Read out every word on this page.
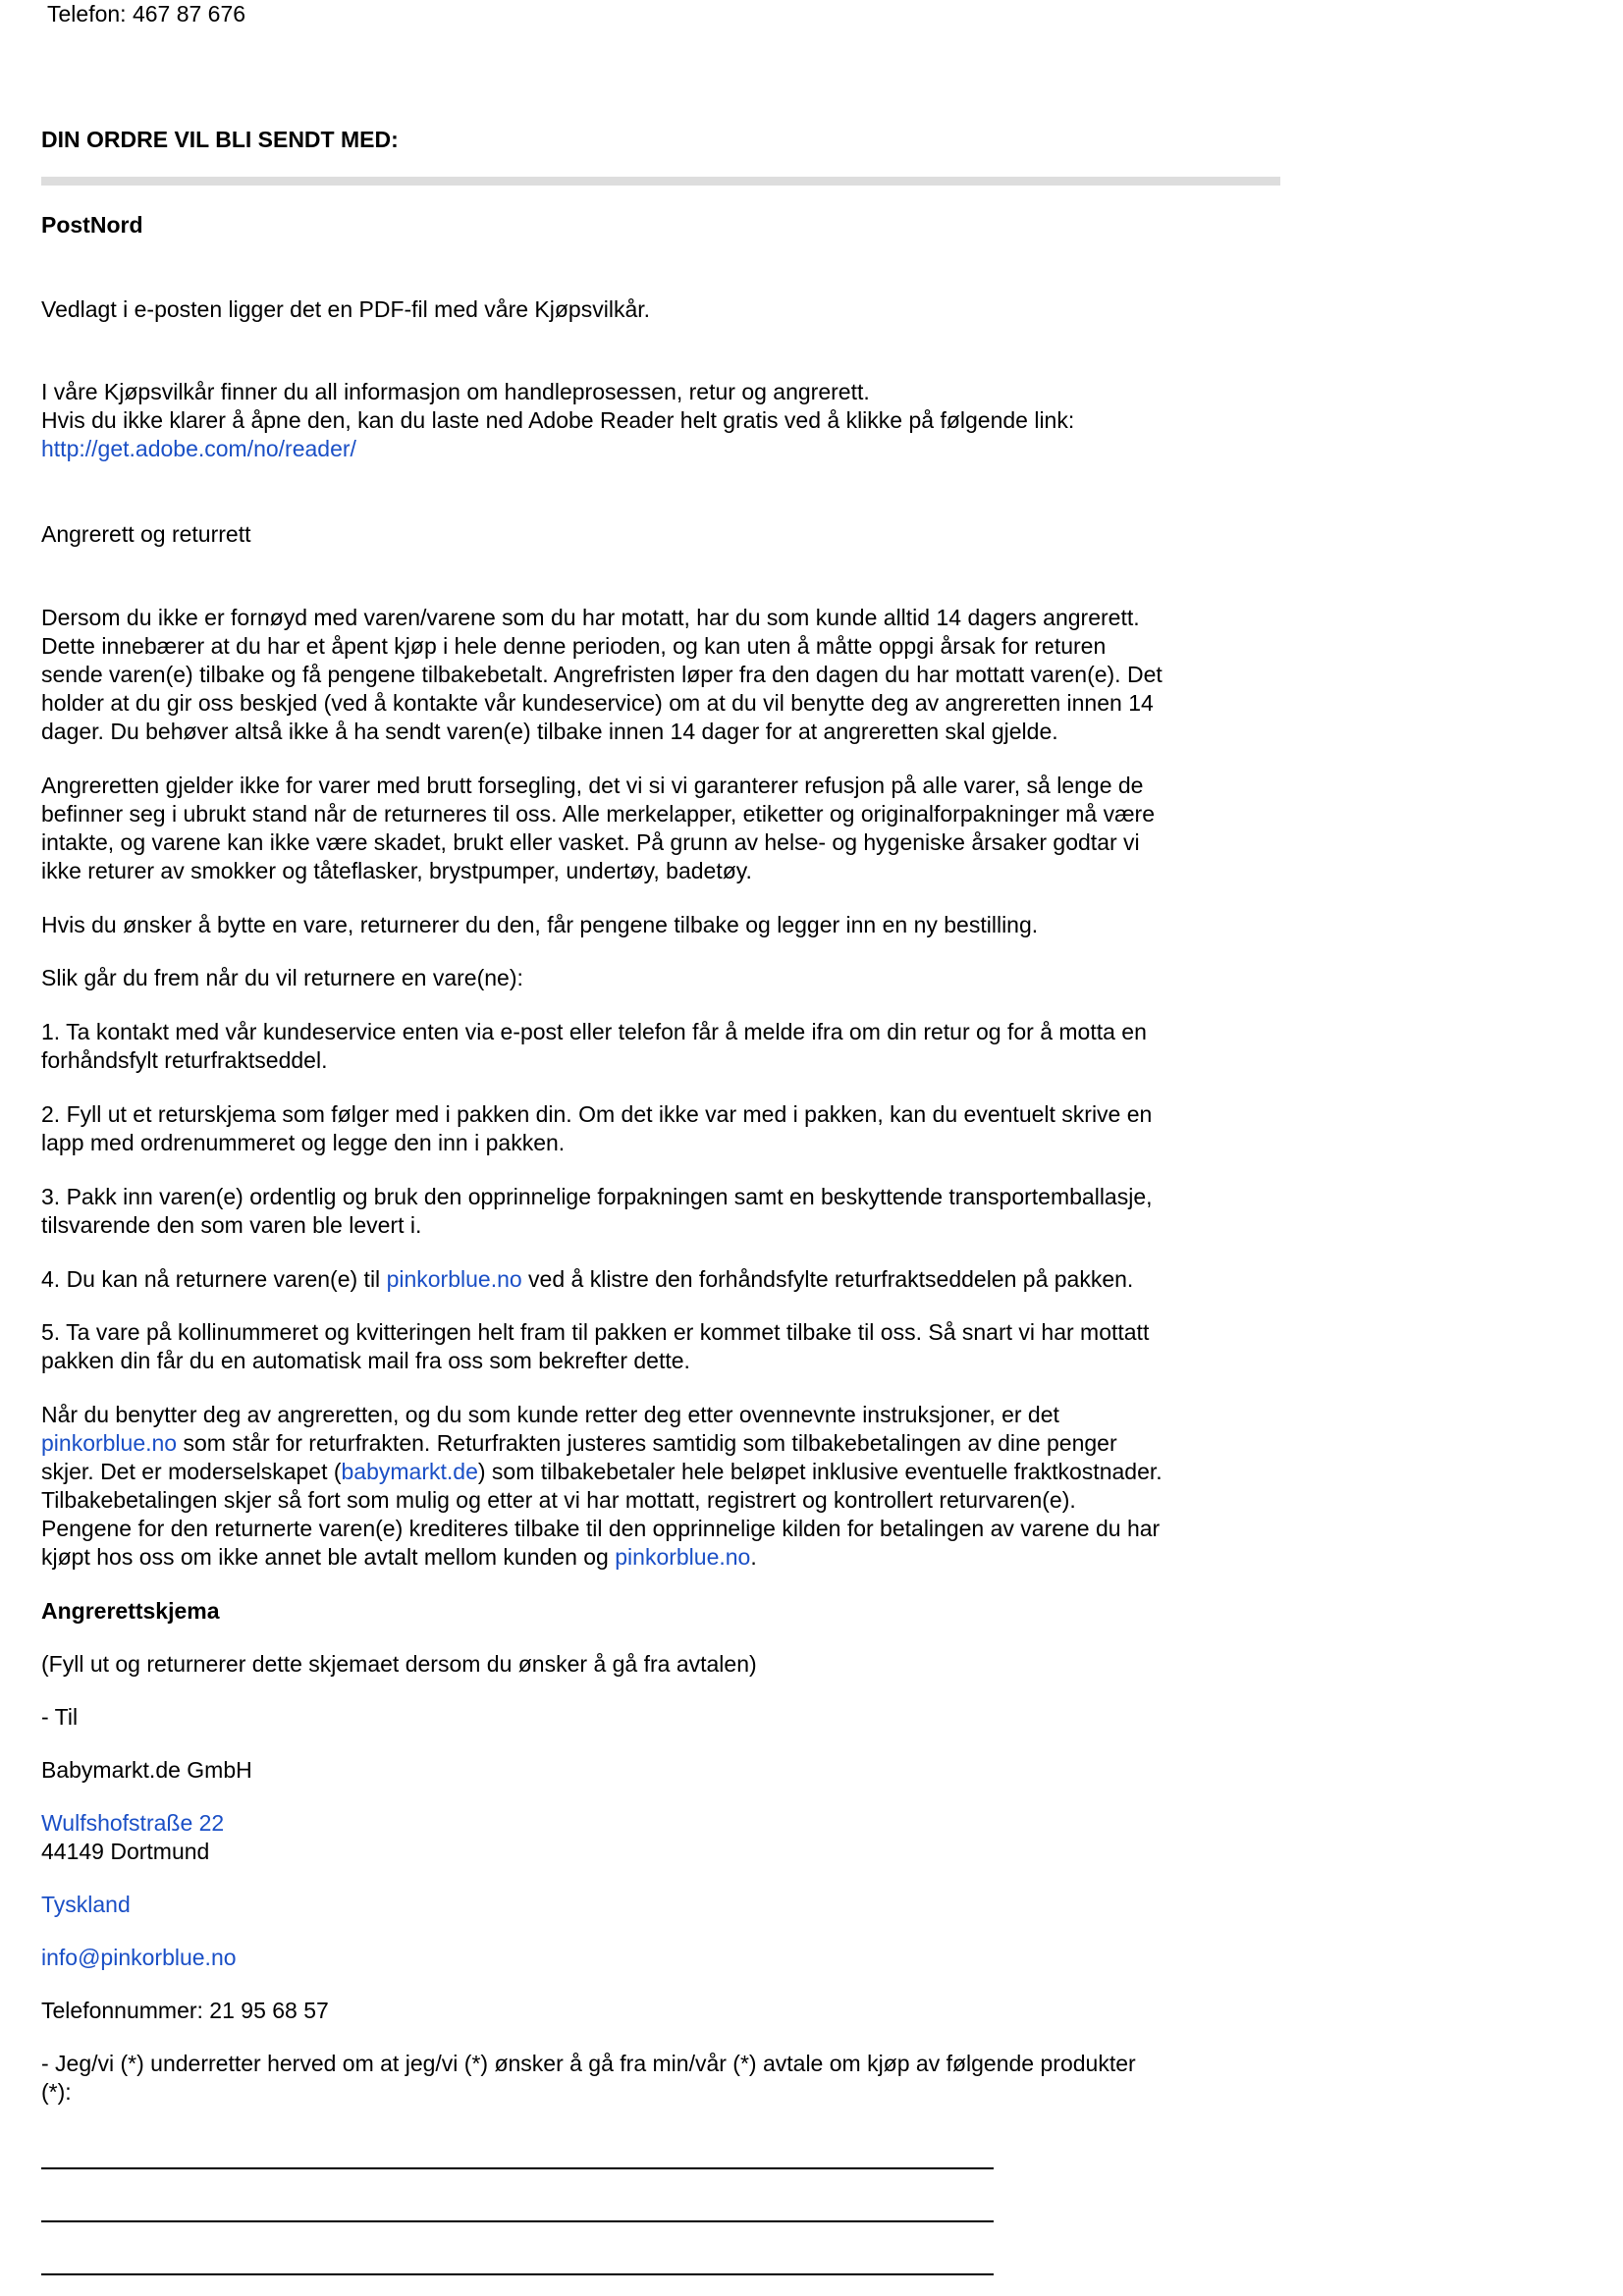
Telefon: 467 87 676

DIN ORDRE VIL BLI SENDT MED:

PostNord

Vedlagt i e-posten ligger det en PDF-fil med våre Kjøpsvilkår.

I våre Kjøpsvilkår finner du all informasjon om handleprosessen, retur og angrerett.

Hvis du ikke klarer å åpne den, kan du laste ned Adobe Reader helt gratis ved å klikke på følgende link:

http://get.adobe.com/no/reader/

Angrerett og returrett

Dersom du ikke er fornøyd med varen/varene som du har motatt, har du som kunde alltid 14 dagers angrerett.

Dette innebærer at du har et åpent kjøp i hele denne perioden, og kan uten å måtte oppgi årsak for returen

sende varen(e) tilbake og få pengene tilbakebetalt. Angrefristen løper fra den dagen du har mottatt varen(e). Det

holder at du gir oss beskjed (ved å kontakte vår kundeservice) om at du vil benytte deg av angreretten innen 14

dager. Du behøver altså ikke å ha sendt varen(e) tilbake innen 14 dager for at angreretten skal gjelde.

Angreretten gjelder ikke for varer med brutt forsegling, det vi si vi garanterer refusjon på alle varer, så lenge de

befinner seg i ubrukt stand når de returneres til oss. Alle merkelapper, etiketter og originalforpakninger må være

intakte, og varene kan ikke være skadet, brukt eller vasket. På grunn av helse- og hygeniske årsaker godtar vi

ikke returer av smokker og tåteflasker, brystpumper, undertøy, badetøy.

Hvis du ønsker å bytte en vare, returnerer du den, får pengene tilbake og legger inn en ny bestilling.

Slik går du frem når du vil returnere en vare(ne):

1. Ta kontakt med vår kundeservice enten via e-post eller telefon får å melde ifra om din retur og for å motta en

forhåndsfylt returfraktseddel.

2. Fyll ut et returskjema som følger med i pakken din. Om det ikke var med i pakken, kan du eventuelt skrive en

lapp med ordrenummeret og legge den inn i pakken.

3. Pakk inn varen(e) ordentlig og bruk den opprinnelige forpakningen samt en beskyttende transportemballasje,

tilsvarende den som varen ble levert i.

4. Du kan nå returnere varen(e) til pinkorblue.no ved å klistre den forhåndsfylte returfraktseddelen på pakken.

5. Ta vare på kollinummeret og kvitteringen helt fram til pakken er kommet tilbake til oss. Så snart vi har mottatt

pakken din får du en automatisk mail fra oss som bekrefter dette.

Når du benytter deg av angreretten, og du som kunde retter deg etter ovennevnte instruksjoner, er det

pinkorblue.no som står for returfrakten. Returfrakten justeres samtidig som tilbakebetalingen av dine penger

skjer. Det er moderselskapet (babymarkt.de) som tilbakebetaler hele beløpet inklusive eventuelle fraktkostnader.

Tilbakebetalingen skjer så fort som mulig og etter at vi har mottatt, registrert og kontrollert returvaren(e).

Pengene for den returnerte varen(e) krediteres tilbake til den opprinnelige kilden for betalingen av varene du har

kjøpt hos oss om ikke annet ble avtalt mellom kunden og pinkorblue.no.

Angrerettskjema

(Fyll ut og returnerer dette skjemaet dersom du ønsker å gå fra avtalen)

- Til

Babymarkt.de GmbH

Wulfshofstraße 22

44149 Dortmund

Tyskland
info@pinkorblue.no

Telefonnummer: 21 95 68 57

- Jeg/vi (*) underretter herved om at jeg/vi (*) ønsker å gå fra min/vår (*) avtale om kjøp av følgende produkter

(*):
